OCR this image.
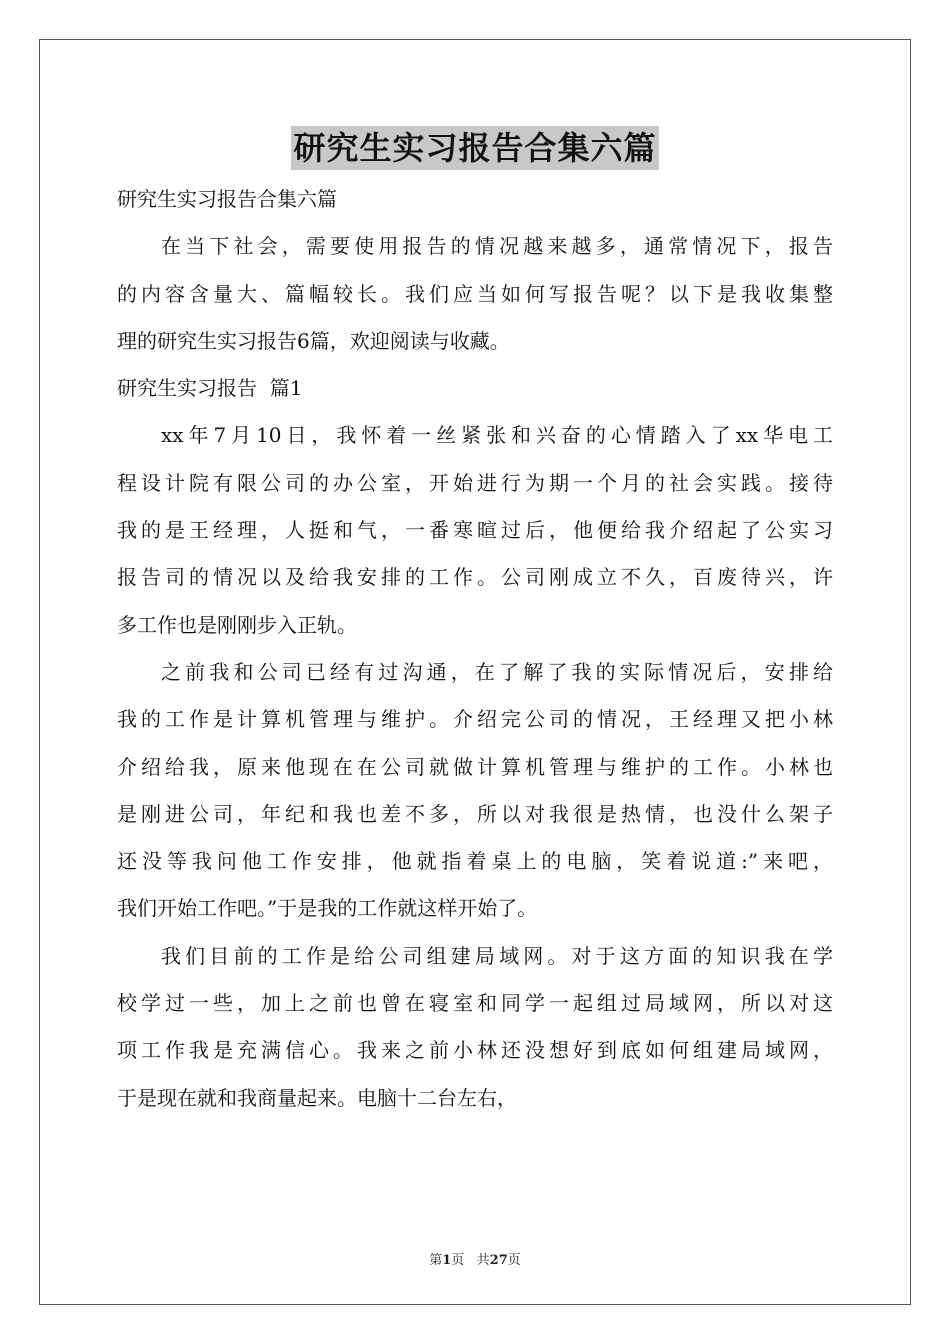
研究生实习报告合集六篇

研究生实习报告合集六篇

在当下社会，需要使用报告的情况越来越多，通常情况下，报告

的内容含量大、篇幅较长。我们应当如何写报告呢？以下是我收集整

理的研究生实习报告6篇，欢迎阅读与收藏。

研究生实习报告  篇1

xx年7月10日，我怀着一丝紧张和兴奋的心情踏入了xx华电工

程设计院有限公司的办公室，开始进行为期一个月的社会实践。接待

我的是王经理，人挺和气，一番寒暄过后，他便给我介绍起了公实习

报告司的情况以及给我安排的工作。公司刚成立不久，百废待兴，许

多工作也是刚刚步入正轨。

之前我和公司已经有过沟通，在了解了我的实际情况后，安排给

我的工作是计算机管理与维护。介绍完公司的情况，王经理又把小林

介绍给我，原来他现在在公司就做计算机管理与维护的工作。小林也

是刚进公司，年纪和我也差不多，所以对我很是热情，也没什么架子

还没等我问他工作安排，他就指着桌上的电脑，笑着说道:”来吧，

我们开始工作吧。”于是我的工作就这样开始了。

我们目前的工作是给公司组建局域网。对于这方面的知识我在学

校学过一些，加上之前也曾在寝室和同学一起组过局域网，所以对这

项工作我是充满信心。我来之前小林还没想好到底如何组建局域网，

于是现在就和我商量起来。电脑十二台左右，

第1页   共27页
